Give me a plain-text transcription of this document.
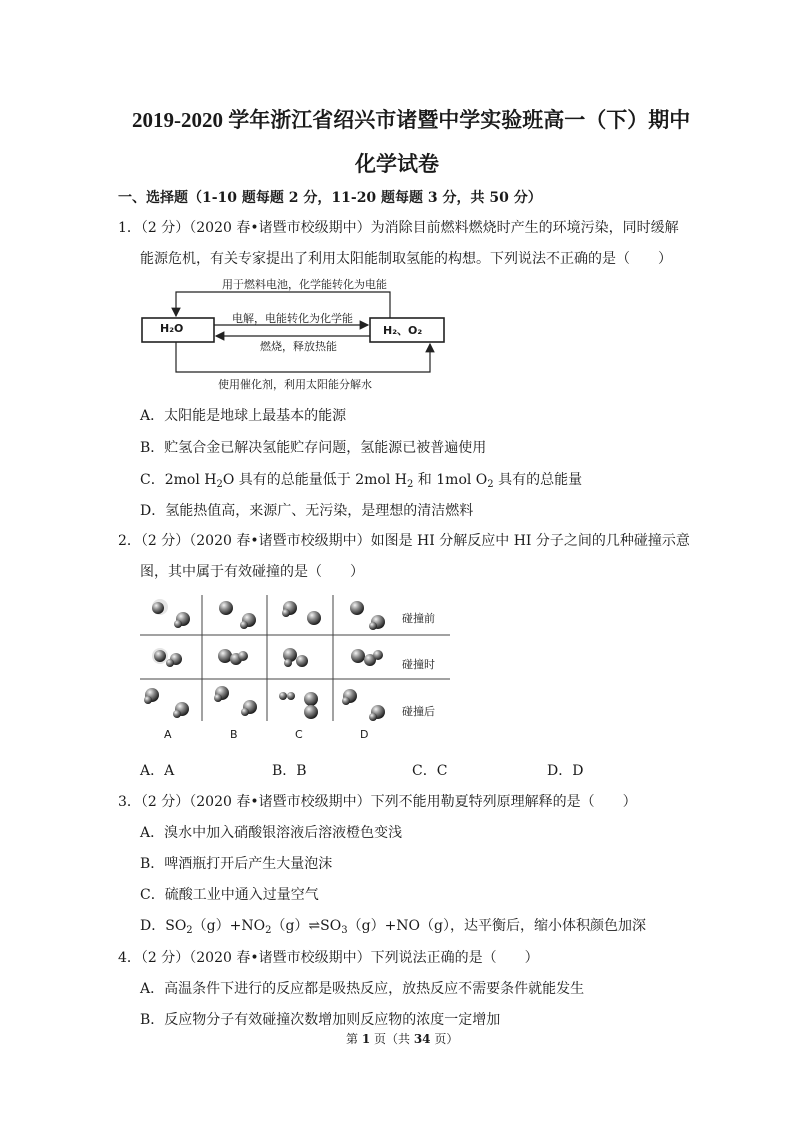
2019-2020 学年浙江省绍兴市诸暨中学实验班高一（下）期中
化学试卷
一、选择题（1-10 题每题 2 分，11-20 题每题 3 分，共 50 分）
1．（2 分）（2020 春•诸暨市校级期中）为消除目前燃料燃烧时产生的环境污染，同时缓解
能源危机，有关专家提出了利用太阳能制取氢能的构想。下列说法不正确的是（　　）
H₂O	H₂、O₂
用于燃料电池，化学能转化为电能
电解，电能转化为化学能
燃烧，释放热能
使用催化剂，利用太阳能分解水
A．太阳能是地球上最基本的能源
B．贮氢合金已解决氢能贮存问题，氢能源已被普遍使用
C．2mol $H_2O$ 具有的总能量低于 2mol $H_2$ 和 1mol $O_2$ 具有的总能量
D．氢能热值高，来源广、无污染，是理想的清洁燃料
2．（2 分）（2020 春•诸暨市校级期中）如图是 HI 分解反应中 HI 分子之间的几种碰撞示意
图，其中属于有效碰撞的是（　　）
碰撞前
碰撞时
碰撞后
A	B	C	D
A．A	B．B	C．C	D．D
3．（2 分）（2020 春•诸暨市校级期中）下列不能用勒夏特列原理解释的是（　　）
A．溴水中加入硝酸银溶液后溶液橙色变浅
B．啤酒瓶打开后产生大量泡沫
C．硫酸工业中通入过量空气
D．$SO_2(g)+NO_2(g)\rightleftharpoons SO_3(g)+NO(g)$，达平衡后，缩小体积颜色加深
4．（2 分）（2020 春•诸暨市校级期中）下列说法正确的是（　　）
A．高温条件下进行的反应都是吸热反应，放热反应不需要条件就能发生
B．反应物分子有效碰撞次数增加则反应物的浓度一定增加
第 1 页（共 34 页）
